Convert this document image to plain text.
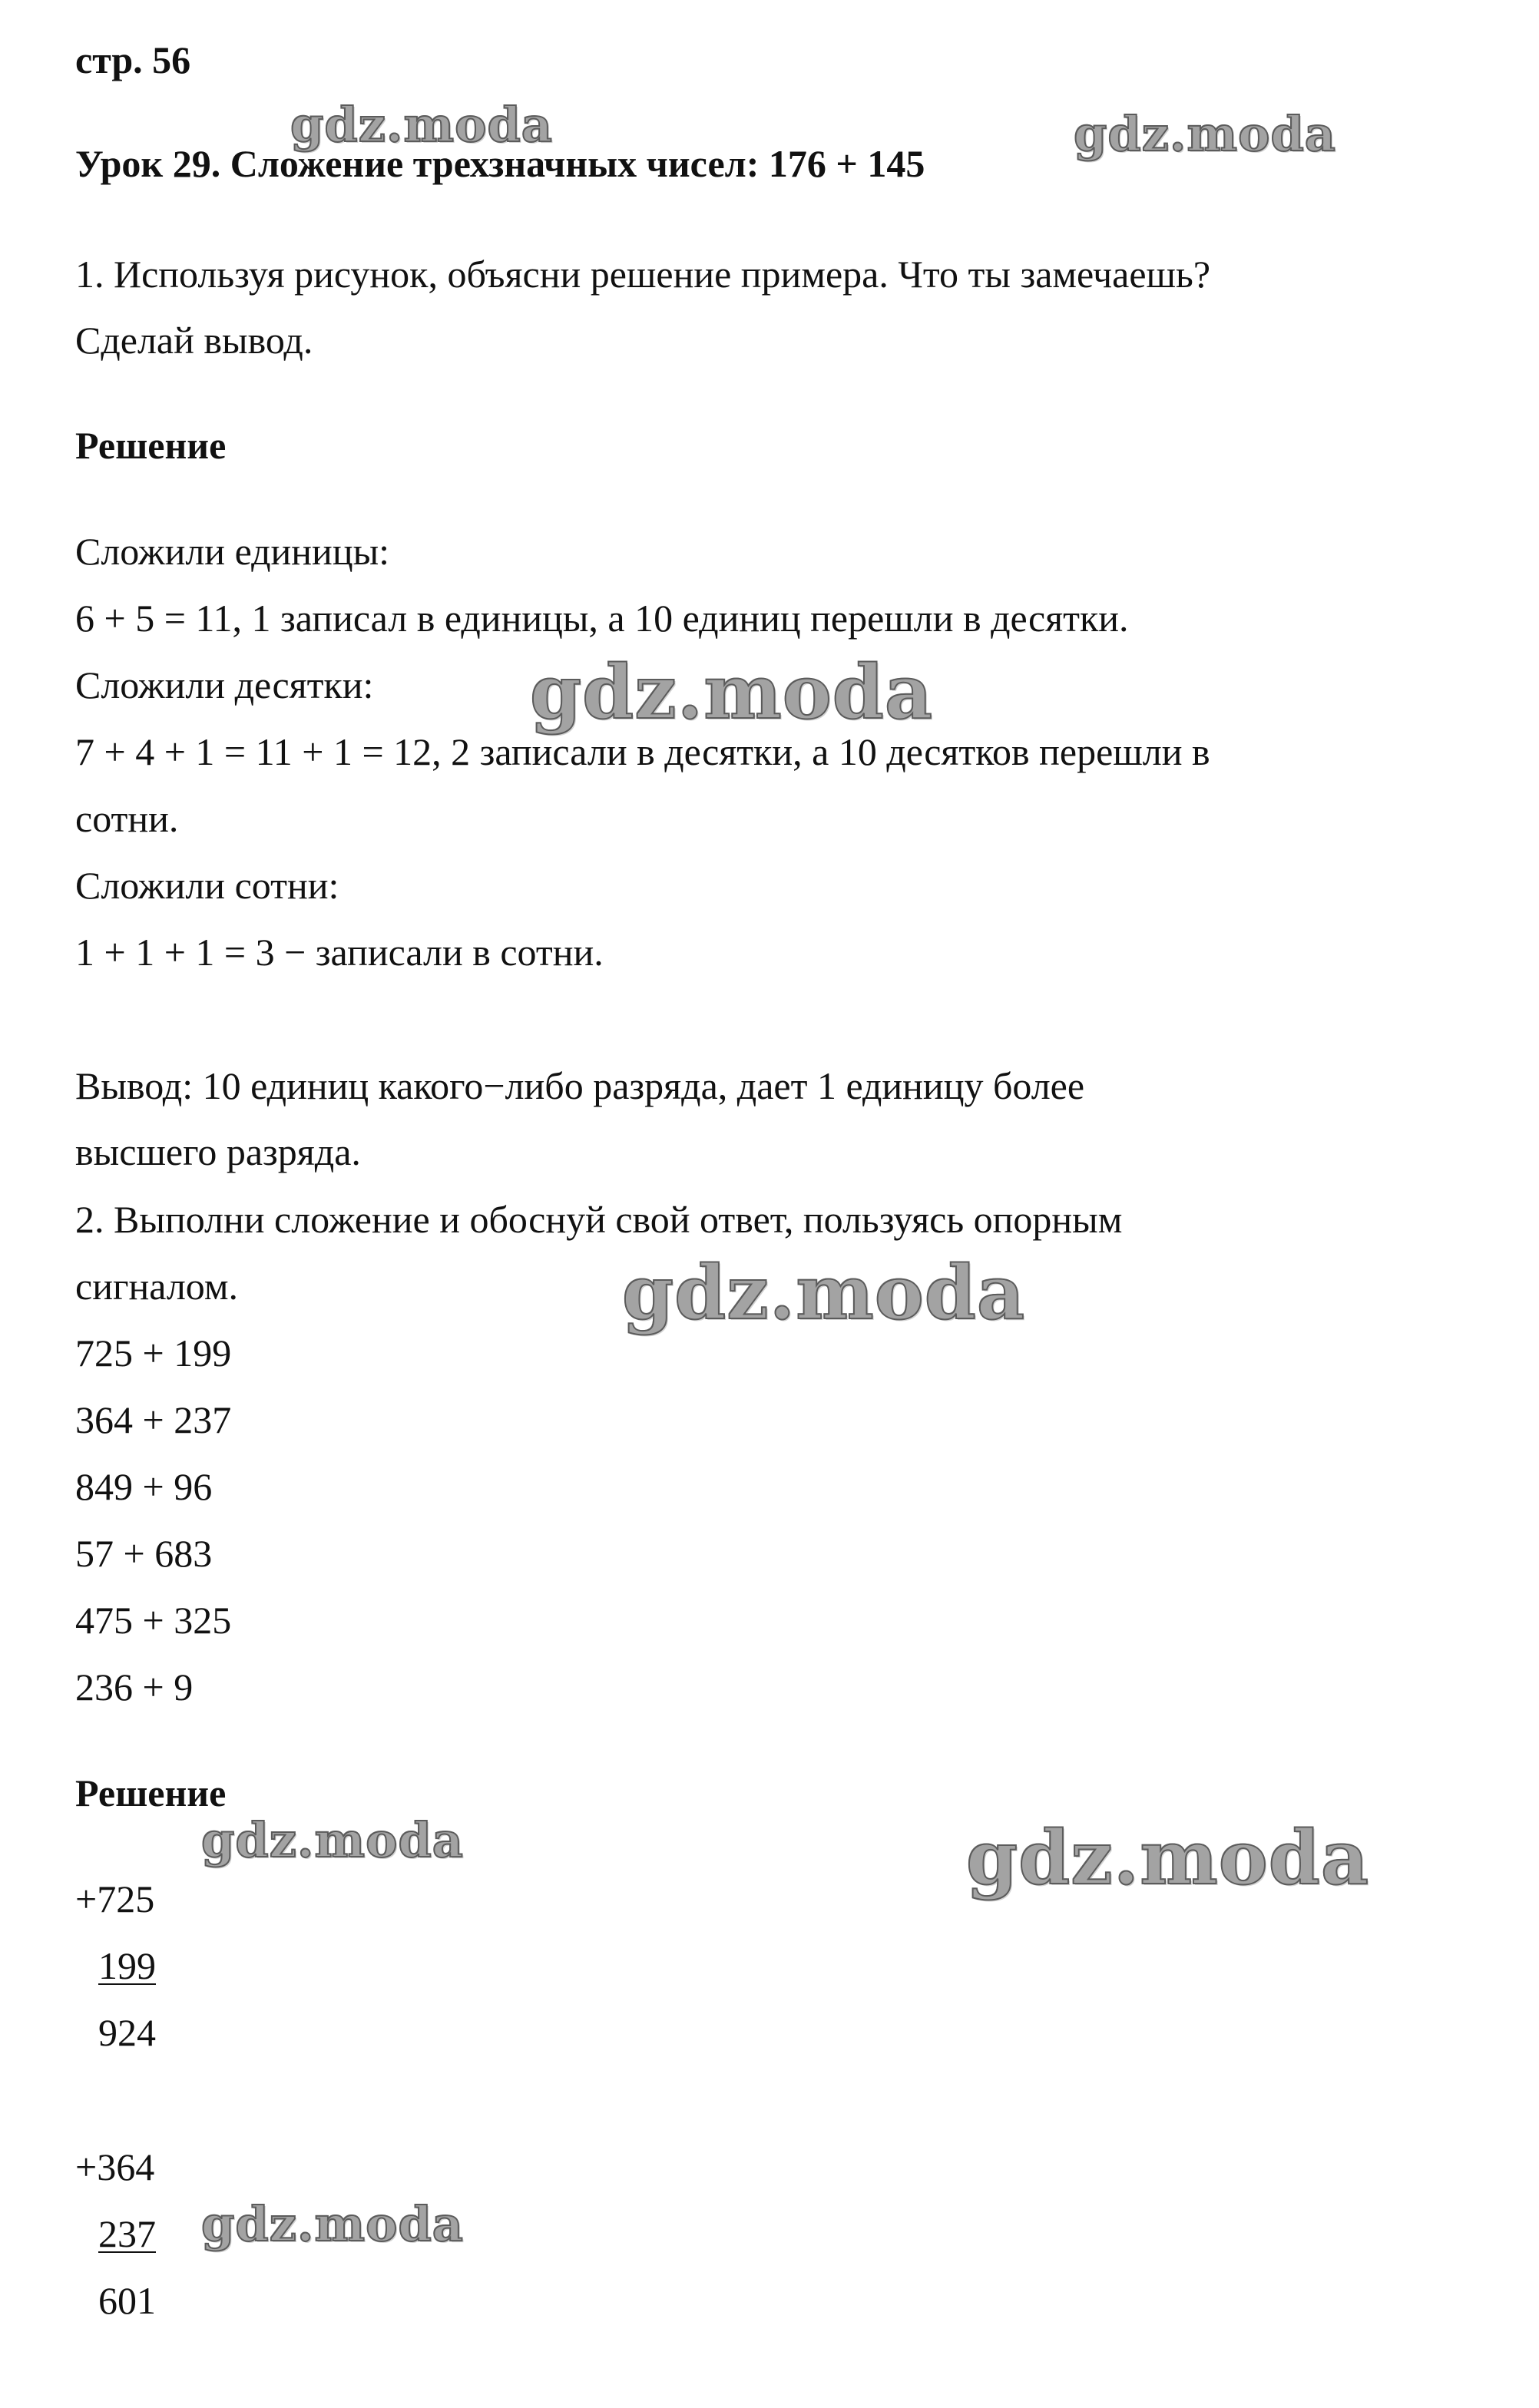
стр. 56

Урок 29. Сложение трехзначных чисел: 176 + 145

1. Используя рисунок, объясни решение примера. Что ты замечаешь?

Сделай вывод.

Решение

Сложили единицы:

6 + 5 = 11, 1 записал в единицы, а 10 единиц перешли в десятки.

Сложили десятки:

7 + 4 + 1 = 11 + 1 = 12, 2 записали в десятки, а 10 десятков перешли в

сотни.

Сложили сотни:

1 + 1 + 1 = 3 − записали в сотни.

Вывод: 10 единиц какого−либо разряда, дает 1 единицу более

высшего разряда.

2. Выполни сложение и обоснуй свой ответ, пользуясь опорным

сигналом.

725 + 199

364 + 237

849 + 96

57 + 683

475 + 325

236 + 9

Решение

+725

199

924

+364

237

601

gdz.moda	gdz.moda

gdz.moda

gdz.moda

gdz.moda	gdz.moda

gdz.moda
